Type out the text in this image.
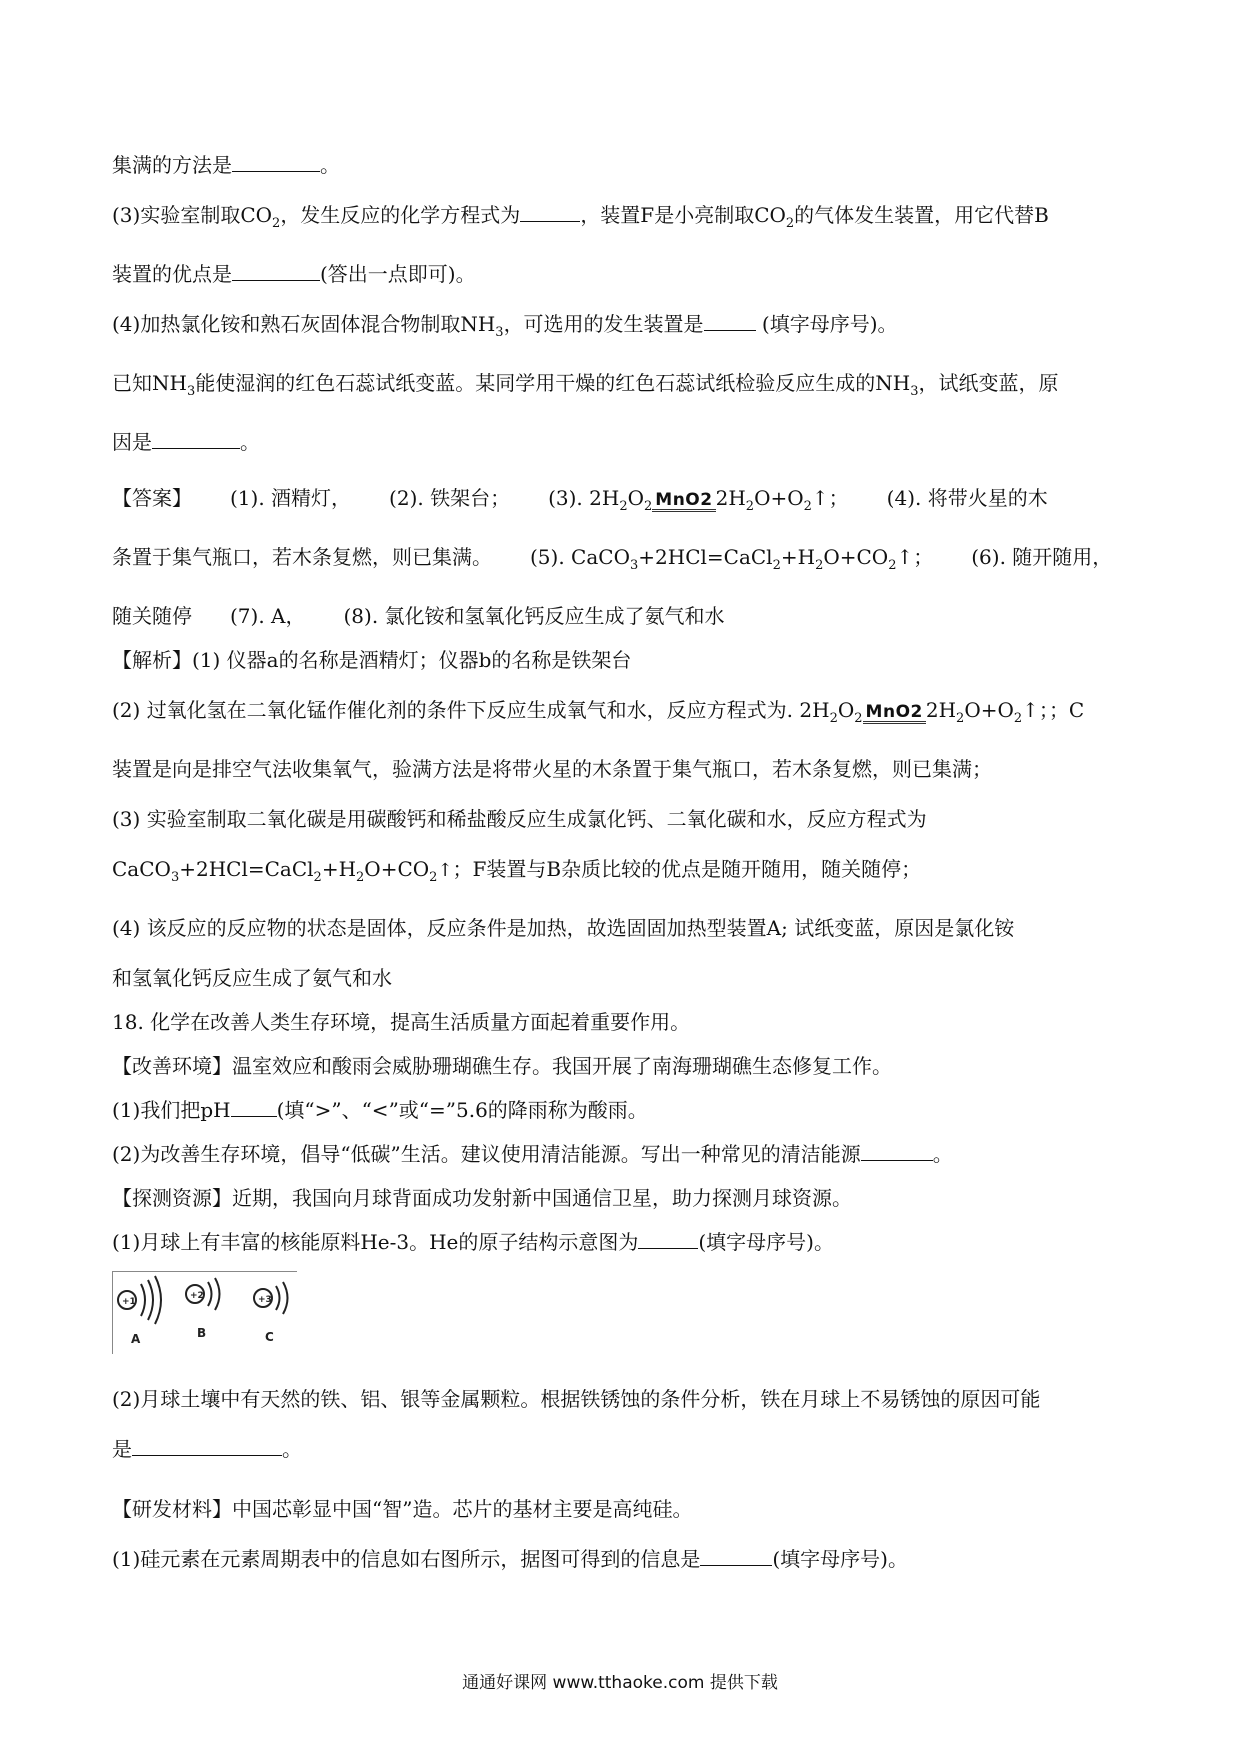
集满的方法是	。
(3)实验室制取$CO_2$，发生反应的化学方程式为	，装置F是小亮制取$CO_2$的气体发生装置，用它代替B
装置的优点是	(答出一点即可)。
(4)加热氯化铵和熟石灰固体混合物制取$NH_3$，可选用的发生装置是	(填字母序号)。
已知$NH_3$能使湿润的红色石蕊试纸变蓝。某同学用干燥的红色石蕊试纸检验反应生成的$NH_3$，试纸变蓝，原
因是	。
【答案】 (1). 酒精灯， (2). 铁架台； (3). $2H_2O_2$ MnO2 $2H_2O+O_2↑$； (4). 将带火星的木
条置于集气瓶口，若木条复燃，则已集满。 (5). $CaCO_3+2HCl=CaCl_2+H_2O+CO_2↑$； (6). 随开随用，
随关随停 (7). A， (8). 氯化铵和氢氧化钙反应生成了氨气和水
【解析】(1) 仪器a的名称是酒精灯；仪器b的名称是铁架台
(2) 过氧化氢在二氧化锰作催化剂的条件下反应生成氧气和水，反应方程式为. $2H_2O_2$ MnO2 $2H_2O+O_2↑$；；C
装置是向是排空气法收集氧气，验满方法是将带火星的木条置于集气瓶口，若木条复燃，则已集满；
(3) 实验室制取二氧化碳是用碳酸钙和稀盐酸反应生成氯化钙、二氧化碳和水，反应方程式为
$CaCO_3+2HCl=CaCl_2+H_2O+CO_2↑$；F装置与B杂质比较的优点是随开随用，随关随停；
(4) 该反应的反应物的状态是固体，反应条件是加热，故选固固加热型装置A; 试纸变蓝，原因是氯化铵
和氢氧化钙反应生成了氨气和水
18. 化学在改善人类生存环境，提高生活质量方面起着重要作用。
【改善环境】温室效应和酸雨会威胁珊瑚礁生存。我国开展了南海珊瑚礁生态修复工作。
(1)我们把pH (填“>”、“<”或“=”5.6的降雨称为酸雨。
(2)为改善生存环境，倡导“低碳”生活。建议使用清洁能源。写出一种常见的清洁能源	。
【探测资源】近期，我国向月球背面成功发射新中国通信卫星，助力探测月球资源。
(1)月球上有丰富的核能原料He-3。He的原子结构示意图为	(填字母序号)。
+1
+2	+3
A	B	C
(2)月球土壤中有天然的铁、铝、银等金属颗粒。根据铁锈蚀的条件分析，铁在月球上不易锈蚀的原因可能
是	。
【研发材料】中国芯彰显中国“智”造。芯片的基材主要是高纯硅。
(1)硅元素在元素周期表中的信息如右图所示，据图可得到的信息是	(填字母序号)。
通通好课网 www.tthaoke.com 提供下载
